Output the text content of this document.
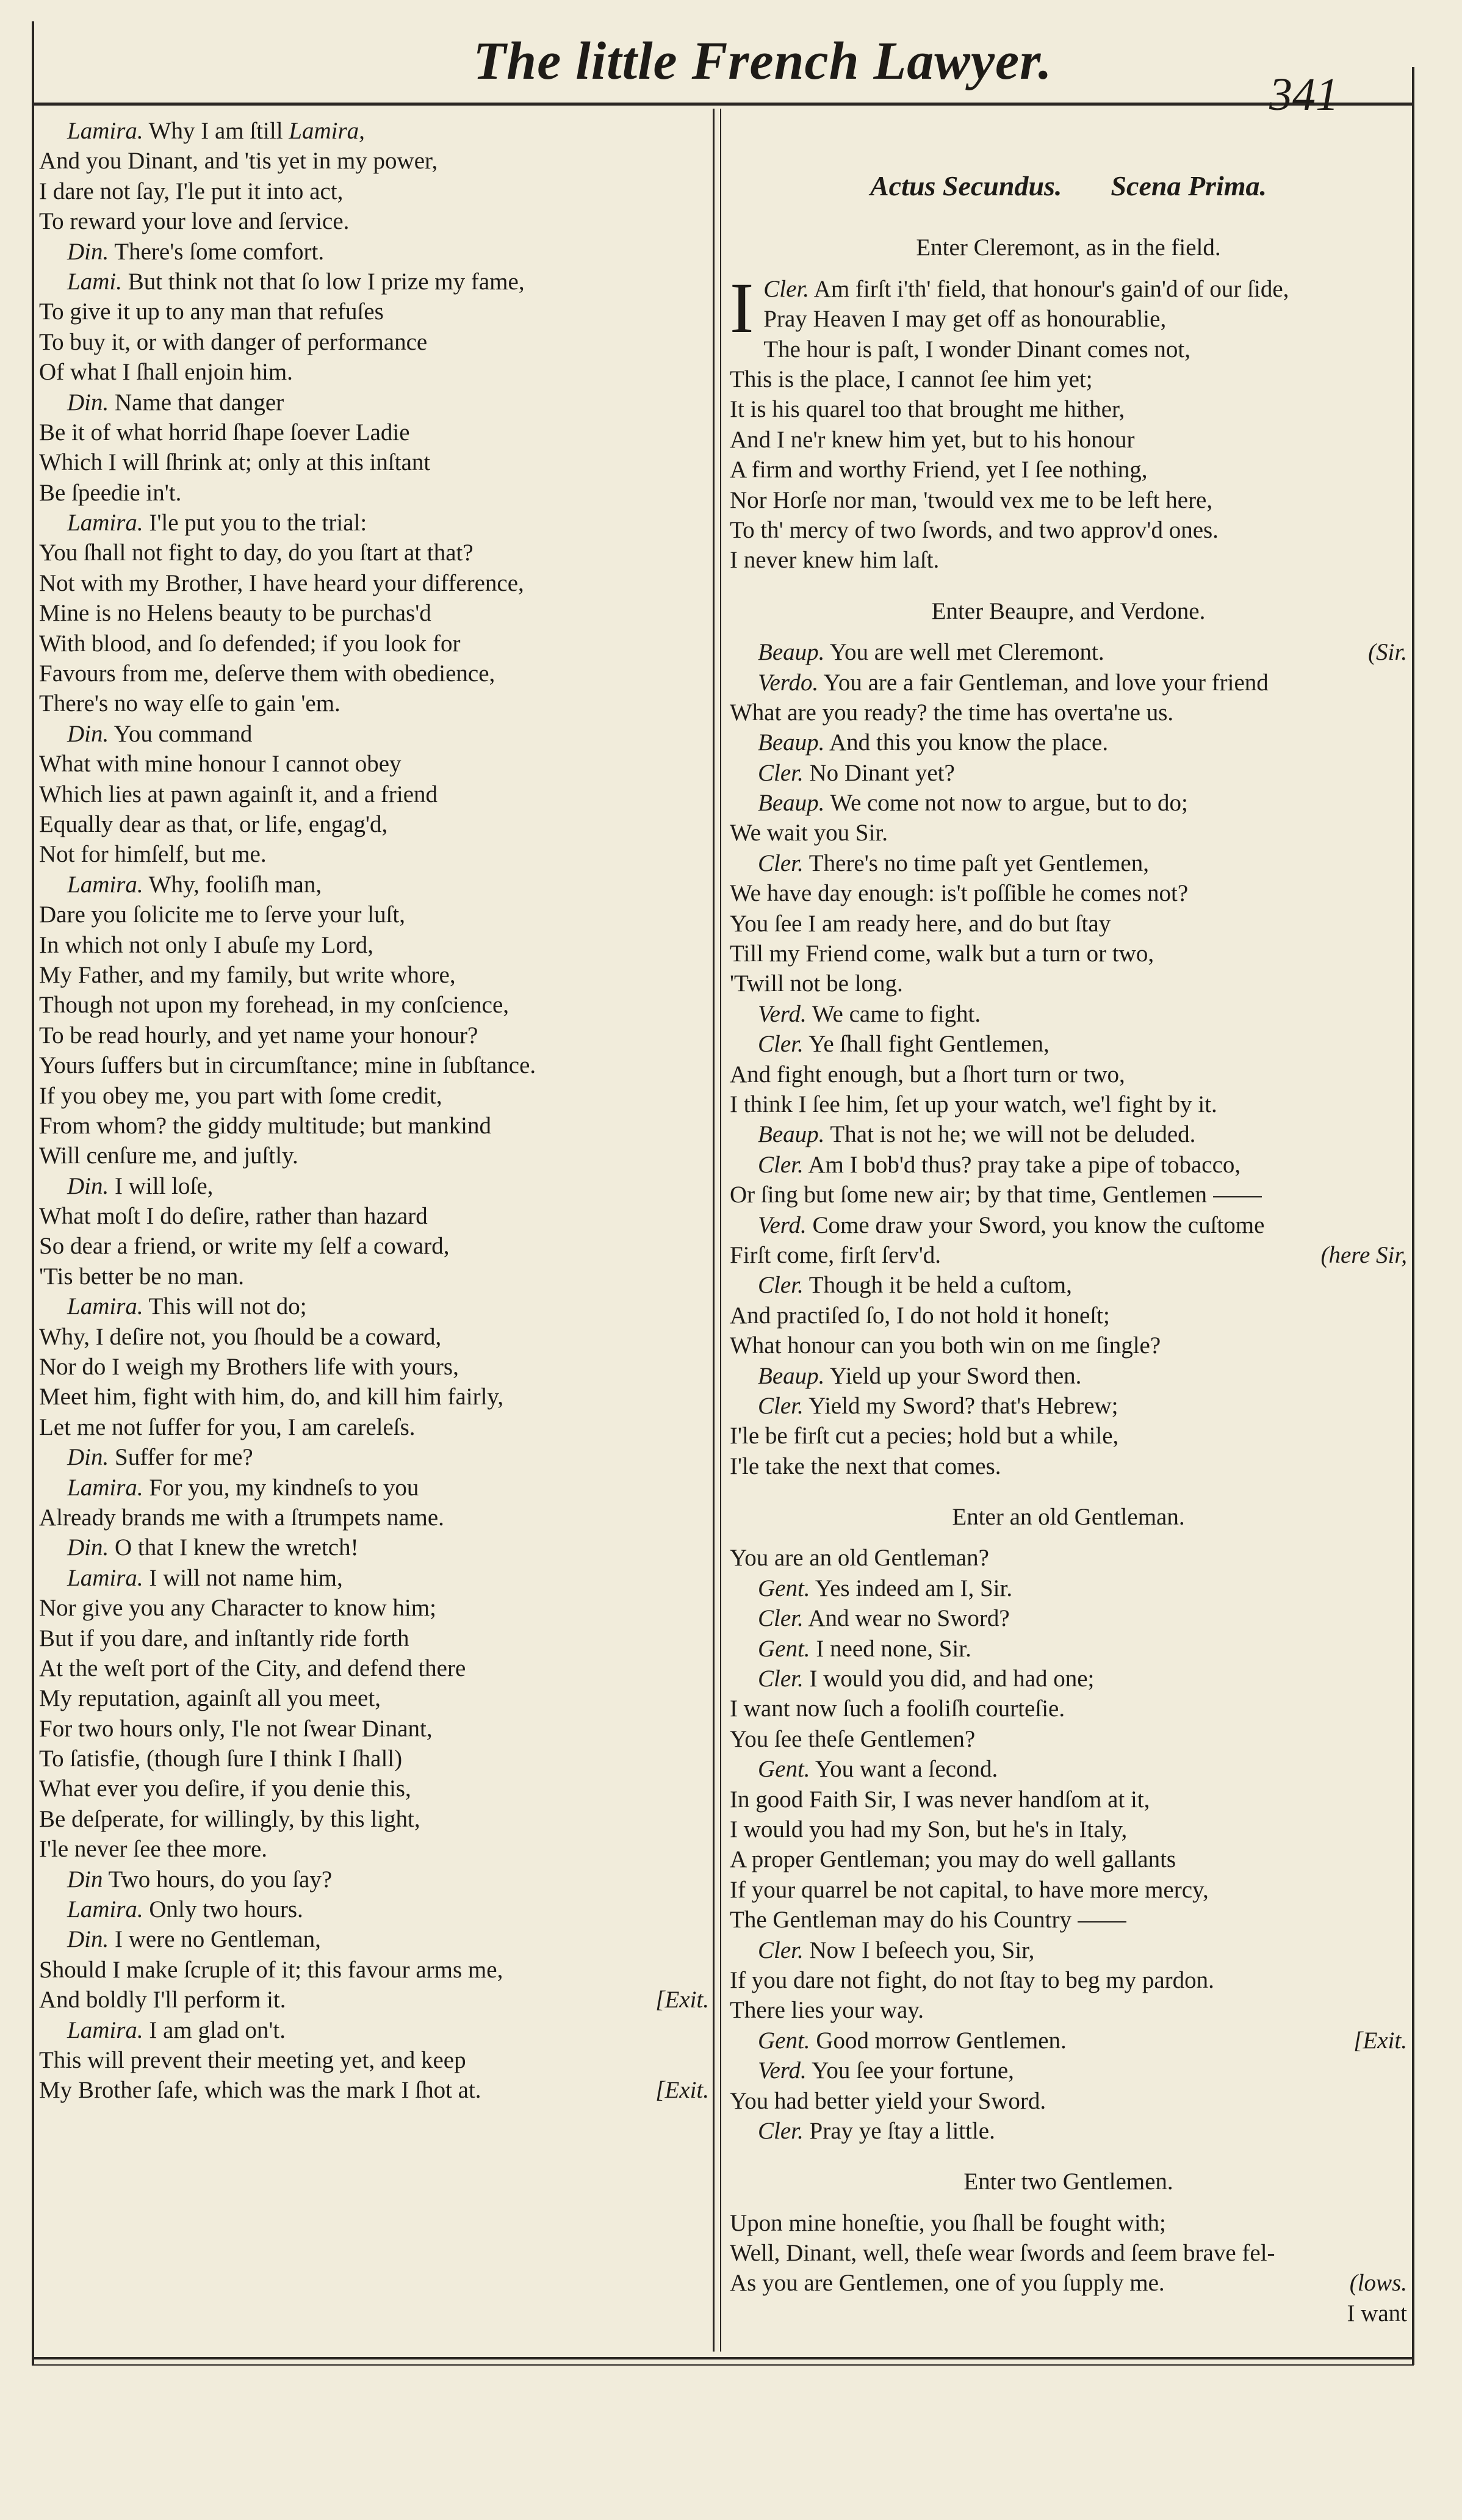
The little French Lawyer.
341
Lamira. Why I am ſtill Lamira,
And you Dinant, and 'tis yet in my power,
I dare not ſay, I'le put it into act,
To reward your love and ſervice.
Din. There's ſome comfort.
Lami. But think not that ſo low I prize my fame,
To give it up to any man that refuſes
To buy it, or with danger of performance
Of what I ſhall enjoin him.
Din. Name that danger
Be it of what horrid ſhape ſoever Ladie
Which I will ſhrink at; only at this inſtant
Be ſpeedie in't.
Lamira. I'le put you to the trial:
You ſhall not fight to day, do you ſtart at that?
Not with my Brother, I have heard your difference,
Mine is no Helens beauty to be purchas'd
With blood, and ſo defended; if you look for
Favours from me, deſerve them with obedience,
There's no way elſe to gain 'em.
Din. You command
What with mine honour I cannot obey
Which lies at pawn againſt it, and a friend
Equally dear as that, or life, engag'd,
Not for himſelf, but me.
Lamira. Why, fooliſh man,
Dare you ſolicite me to ſerve your luſt,
In which not only I abuſe my Lord,
My Father, and my family, but write whore,
Though not upon my forehead, in my conſcience,
To be read hourly, and yet name your honour?
Yours ſuffers but in circumſtance; mine in ſubſtance.
If you obey me, you part with ſome credit,
From whom? the giddy multitude; but mankind
Will cenſure me, and juſtly.
Din. I will loſe,
What moſt I do deſire, rather than hazard
So dear a friend, or write my ſelf a coward,
'Tis better be no man.
Lamira. This will not do;
Why, I deſire not, you ſhould be a coward,
Nor do I weigh my Brothers life with yours,
Meet him, fight with him, do, and kill him fairly,
Let me not ſuffer for you, I am careleſs.
Din. Suffer for me?
Lamira. For you, my kindneſs to you
Already brands me with a ſtrumpets name.
Din. O that I knew the wretch!
Lamira. I will not name him,
Nor give you any Character to know him;
But if you dare, and inſtantly ride forth
At the weſt port of the City, and defend there
My reputation, againſt all you meet,
For two hours only, I'le not ſwear Dinant,
To ſatisfie, (though ſure I think I ſhall)
What ever you deſire, if you denie this,
Be deſperate, for willingly, by this light,
I'le never ſee thee more.
Din Two hours, do you ſay?
Lamira. Only two hours.
Din. I were no Gentleman,
Should I make ſcruple of it; this favour arms me,
And boldly I'll perform it.	[Exit.
Lamira. I am glad on't.
This will prevent their meeting yet, and keep
My Brother ſafe, which was the mark I ſhot at.	[Exit.
Actus Secundus. Scena Prima.
Enter Cleremont, as in the field.
I Cler. Am firſt i'th' field, that honour's gain'd of our ſide,
Pray Heaven I may get off as honourablie,
The hour is paſt, I wonder Dinant comes not,
This is the place, I cannot ſee him yet;
It is his quarel too that brought me hither,
And I ne'r knew him yet, but to his honour
A firm and worthy Friend, yet I ſee nothing,
Nor Horſe nor man, 'twould vex me to be left here,
To th' mercy of two ſwords, and two approv'd ones.
I never knew him laſt.
Enter Beaupre, and Verdone.
Beaup. You are well met Cleremont.	(Sir.
Verdo. You are a fair Gentleman, and love your friend
What are you ready? the time has overta'ne us.
Beaup. And this you know the place.
Cler. No Dinant yet?
Beaup. We come not now to argue, but to do;
We wait you Sir.
Cler. There's no time paſt yet Gentlemen,
We have day enough: is't poſſible he comes not?
You ſee I am ready here, and do but ſtay
Till my Friend come, walk but a turn or two,
'Twill not be long.
Verd. We came to fight.
Cler. Ye ſhall fight Gentlemen,
And fight enough, but a ſhort turn or two,
I think I ſee him, ſet up your watch, we'l fight by it.
Beaup. That is not he; we will not be deluded.
Cler. Am I bob'd thus? pray take a pipe of tobacco,
Or ſing but ſome new air; by that time, Gentlemen
Verd. Come draw your Sword, you know the cuſtome
Firſt come, firſt ſerv'd.	(here Sir,
Cler. Though it be held a cuſtom,
And practiſed ſo, I do not hold it honeſt;
What honour can you both win on me ſingle?
Beaup. Yield up your Sword then.
Cler. Yield my Sword? that's Hebrew;
I'le be firſt cut a pecies; hold but a while,
I'le take the next that comes.
Enter an old Gentleman.
You are an old Gentleman?
Gent. Yes indeed am I, Sir.
Cler. And wear no Sword?
Gent. I need none, Sir.
Cler. I would you did, and had one;
I want now ſuch a fooliſh courteſie.
You ſee theſe Gentlemen?
Gent. You want a ſecond.
In good Faith Sir, I was never handſom at it,
I would you had my Son, but he's in Italy,
A proper Gentleman; you may do well gallants
If your quarrel be not capital, to have more mercy,
The Gentleman may do his Country
Cler. Now I beſeech you, Sir,
If you dare not fight, do not ſtay to beg my pardon.
There lies your way.
Gent. Good morrow Gentlemen.	[Exit.
Verd. You ſee your fortune,
You had better yield your Sword.
Cler. Pray ye ſtay a little.
Enter two Gentlemen.
Upon mine honeſtie, you ſhall be fought with;
Well, Dinant, well, theſe wear ſwords and ſeem brave fel-
As you are Gentlemen, one of you ſupply me.	(lows.
I want
